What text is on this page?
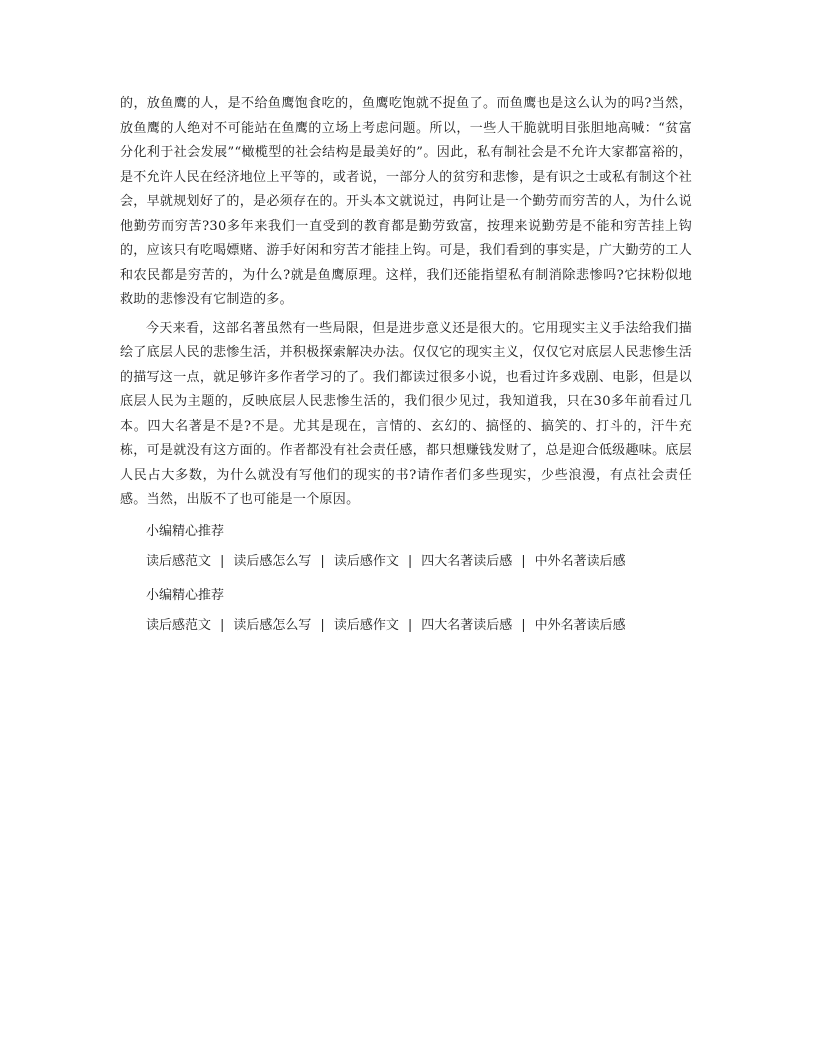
的，放鱼鹰的人，是不给鱼鹰饱食吃的，鱼鹰吃饱就不捉鱼了。而鱼鹰也是这么认为的吗?当然，放鱼鹰的人绝对不可能站在鱼鹰的立场上考虑问题。所以，一些人干脆就明目张胆地高喊：“贫富分化利于社会发展”“橄榄型的社会结构是最美好的”。因此，私有制社会是不允许大家都富裕的，是不允许人民在经济地位上平等的，或者说，一部分人的贫穷和悲惨，是有识之士或私有制这个社会，早就规划好了的，是必须存在的。开头本文就说过，冉阿让是一个勤劳而穷苦的人，为什么说他勤劳而穷苦?30多年来我们一直受到的教育都是勤劳致富，按理来说勤劳是不能和穷苦挂上钩的，应该只有吃喝嫖赌、游手好闲和穷苦才能挂上钩。可是，我们看到的事实是，广大勤劳的工人和农民都是穷苦的，为什么?就是鱼鹰原理。这样，我们还能指望私有制消除悲惨吗?它抹粉似地救助的悲惨没有它制造的多。

今天来看，这部名著虽然有一些局限，但是进步意义还是很大的。它用现实主义手法给我们描绘了底层人民的悲惨生活，并积极探索解决办法。仅仅它的现实主义，仅仅它对底层人民悲惨生活的描写这一点，就足够许多作者学习的了。我们都读过很多小说，也看过许多戏剧、电影，但是以底层人民为主题的，反映底层人民悲惨生活的，我们很少见过，我知道我，只在30多年前看过几本。四大名著是不是?不是。尤其是现在，言情的、玄幻的、搞怪的、搞笑的、打斗的，汗牛充栋，可是就没有这方面的。作者都没有社会责任感，都只想赚钱发财了，总是迎合低级趣味。底层人民占大多数，为什么就没有写他们的现实的书?请作者们多些现实，少些浪漫，有点社会责任感。当然，出版不了也可能是一个原因。

小编精心推荐

读后感范文 | 读后感怎么写 | 读后感作文 | 四大名著读后感 | 中外名著读后感

小编精心推荐

读后感范文 | 读后感怎么写 | 读后感作文 | 四大名著读后感 | 中外名著读后感
